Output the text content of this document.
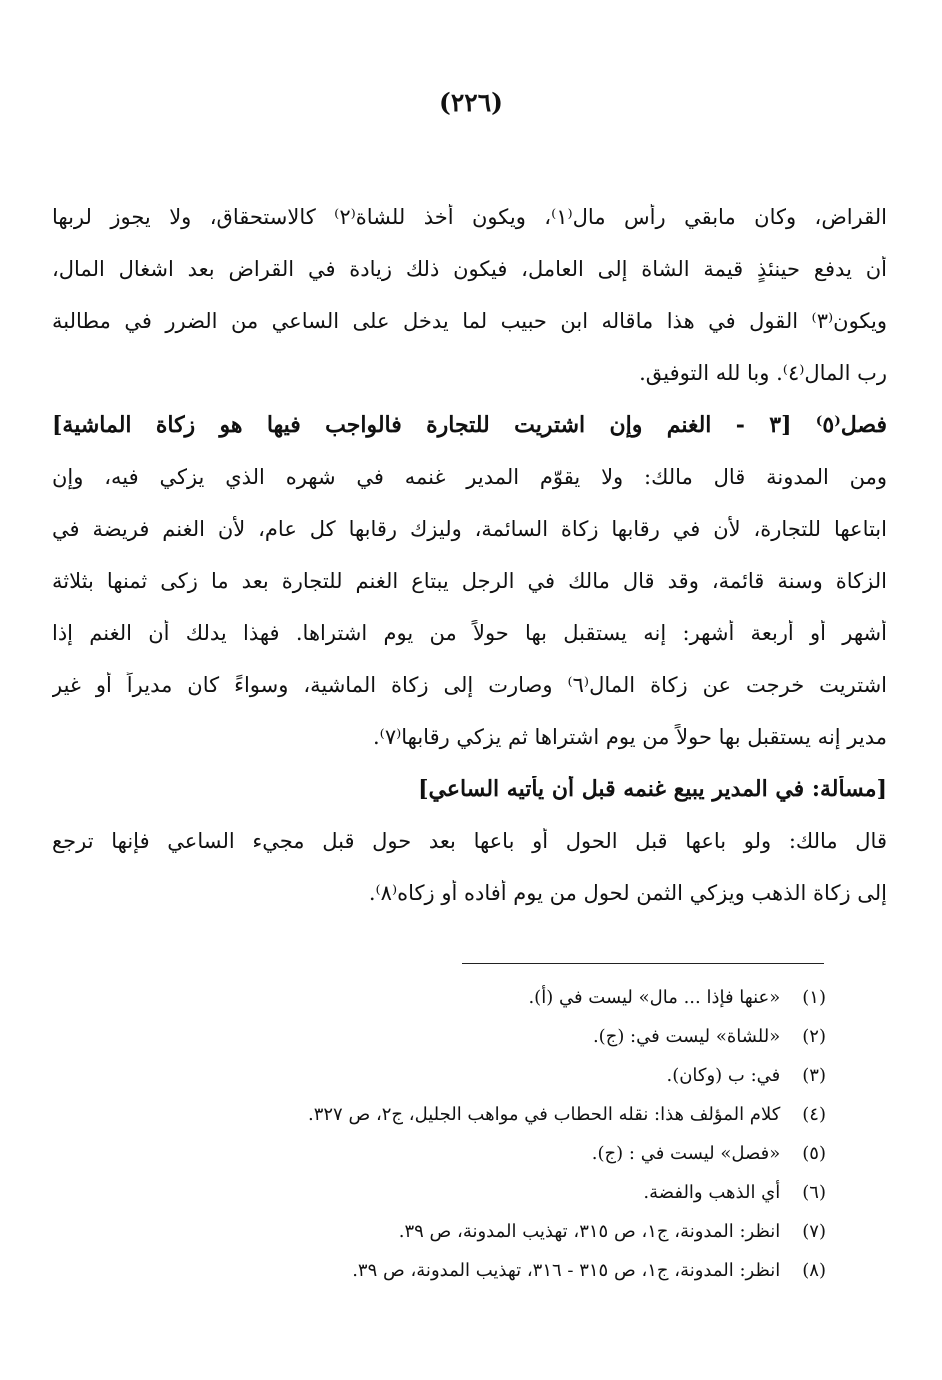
(٢٢٦)
القراض، وكان مابقي رأس مال⁽١⁾، ويكون أخذ للشاة⁽٢⁾ كالاستحقاق، ولا يجوز لربها
أن يدفع حينئذٍ قيمة الشاة إلى العامل، فيكون ذلك زيادة في القراض بعد اشغال المال،
ويكون⁽٣⁾ القول في هذا ماقاله ابن حبيب لما يدخل على الساعي من الضرر في مطالبة
رب المال⁽٤⁾. وبا لله التوفيق.
فصل⁽٥⁾ [٣ - الغنم وإن اشتريت للتجارة فالواجب فيها هو زكاة الماشية]
ومن المدونة قال مالك: ولا يقوّم المدير غنمه في شهره الذي يزكي فيه، وإن
ابتاعها للتجارة، لأن في رقابها زكاة السائمة، وليزك رقابها كل عام، لأن الغنم فريضة في
الزكاة وسنة قائمة، وقد قال مالك في الرجل يبتاع الغنم للتجارة بعد ما زكى ثمنها بثلاثة
أشهر أو أربعة أشهر: إنه يستقبل بها حولاً من يوم اشتراها. فهذا يدلك أن الغنم إذا
اشتريت خرجت عن زكاة المال⁽٦⁾ وصارت إلى زكاة الماشية، وسواءً كان مديراً أو غير
مدير إنه يستقبل بها حولاً من يوم اشتراها ثم يزكي رقابها⁽٧⁾.
[مسألة: في المدير يبيع غنمه قبل أن يأتيه الساعي]
قال مالك: ولو باعها قبل الحول أو باعها بعد حول قبل مجيء الساعي فإنها ترجع
إلى زكاة الذهب ويزكي الثمن لحول من يوم أفاده أو زكاه⁽٨⁾.
(١) «عنها فإذا ... مال» ليست في (أ).
(٢) «للشاة» ليست في: (ج).
(٣) في: ب (وكان).
(٤) كلام المؤلف هذا: نقله الحطاب في مواهب الجليل، ج٢، ص ٣٢٧.
(٥) «فصل» ليست في : (ج).
(٦) أي الذهب والفضة.
(٧) انظر: المدونة، ج١، ص ٣١٥، تهذيب المدونة، ص ٣٩.
(٨) انظر: المدونة، ج١، ص ٣١٥ - ٣١٦، تهذيب المدونة، ص ٣٩.
